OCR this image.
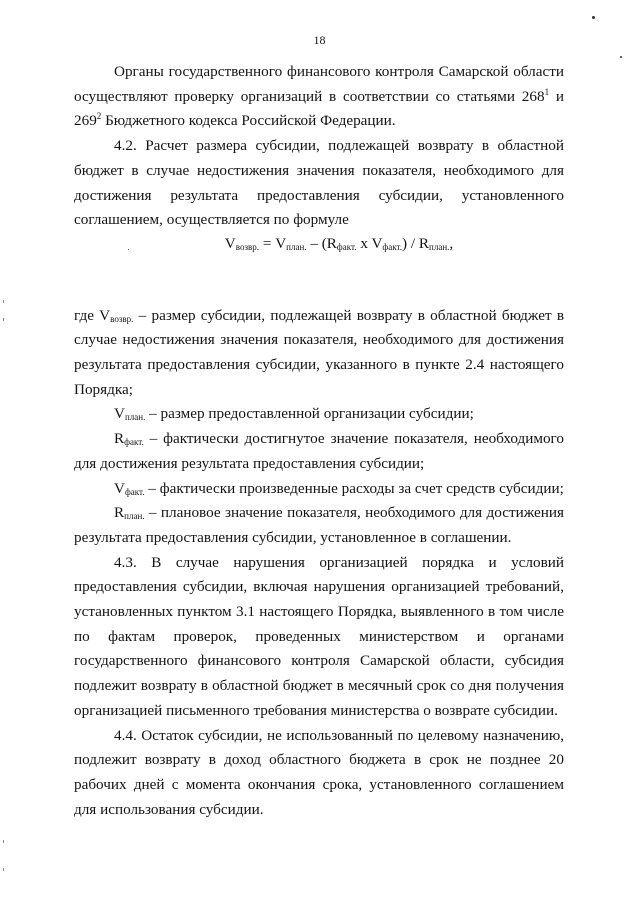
18

Органы государственного финансового контроля Самарской области осуществляют проверку организаций в соответствии со статьями $268^1$ и $269^2$ Бюджетного кодекса Российской Федерации.

4.2. Расчет размера субсидии, подлежащей возврату в областной бюджет в случае недостижения значения показателя, необходимого для достижения результата предоставления субсидии, установленного соглашением, осуществляется по формуле

$V_{возвр.} = V_{план.} - (R_{факт.}$ x $V_{факт.}) / R_{план.}$,

где $V_{возвр.}$ – размер субсидии, подлежащей возврату в областной бюджет в случае недостижения значения показателя, необходимого для достижения результата предоставления субсидии, указанного в пункте 2.4 настоящего Порядка;

$V_{план.}$ – размер предоставленной организации субсидии;

$R_{факт.}$ – фактически достигнутое значение показателя, необходимого для достижения результата предоставления субсидии;

$V_{факт.}$ – фактически произведенные расходы за счет средств субсидии;

$R_{план.}$ – плановое значение показателя, необходимого для достижения результата предоставления субсидии, установленное в соглашении.

4.3. В случае нарушения организацией порядка и условий предоставления субсидии, включая нарушения организацией требований, установленных пунктом 3.1 настоящего Порядка, выявленного в том числе по фактам проверок, проведенных министерством и органами государственного финансового контроля Самарской области, субсидия подлежит возврату в областной бюджет в месячный срок со дня получения организацией письменного требования министерства о возврате субсидии.

4.4. Остаток субсидии, не использованный по целевому назначению, подлежит возврату в доход областного бюджета в срок не позднее 20 рабочих дней с момента окончания срока, установленного соглашением для использования субсидии.
